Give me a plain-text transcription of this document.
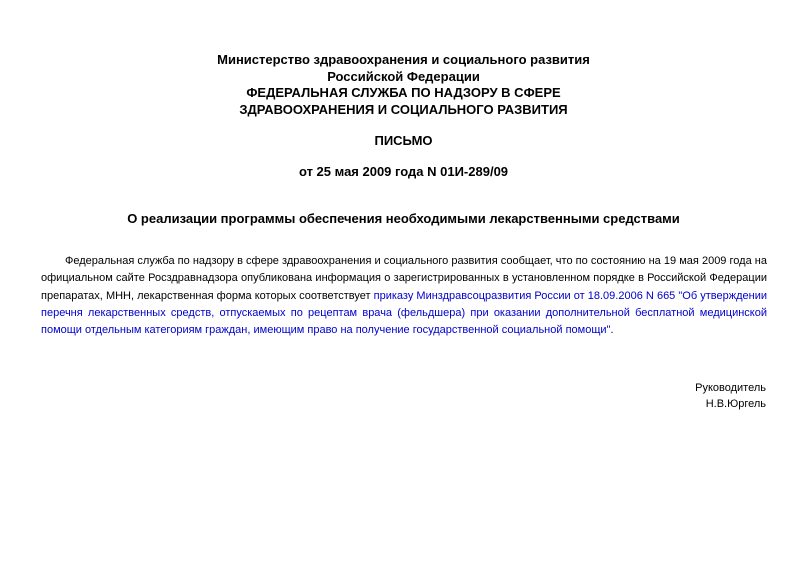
Министерство здравоохранения и социального развития
Российской Федерации
ФЕДЕРАЛЬНАЯ СЛУЖБА ПО НАДЗОРУ В СФЕРЕ
ЗДРАВООХРАНЕНИЯ И СОЦИАЛЬНОГО РАЗВИТИЯ
ПИСЬМО
от 25 мая 2009 года N 01И-289/09
О реализации программы обеспечения необходимыми лекарственными средствами

Федеральная служба по надзору в сфере здравоохранения и социального развития сообщает, что по состоянию на 19 мая 2009 года на официальном сайте Росздравнадзора опубликована информация о зарегистрированных в установленном порядке в Российской Федерации препаратах, МНН, лекарственная форма которых соответствует приказу Минздравсоцразвития России от 18.09.2006 N 665 "Об утверждении перечня лекарственных средств, отпускаемых по рецептам врача (фельдшера) при оказании дополнительной бесплатной медицинской помощи отдельным категориям граждан, имеющим право на получение государственной социальной помощи".

Руководитель
Н.В.Юргель
